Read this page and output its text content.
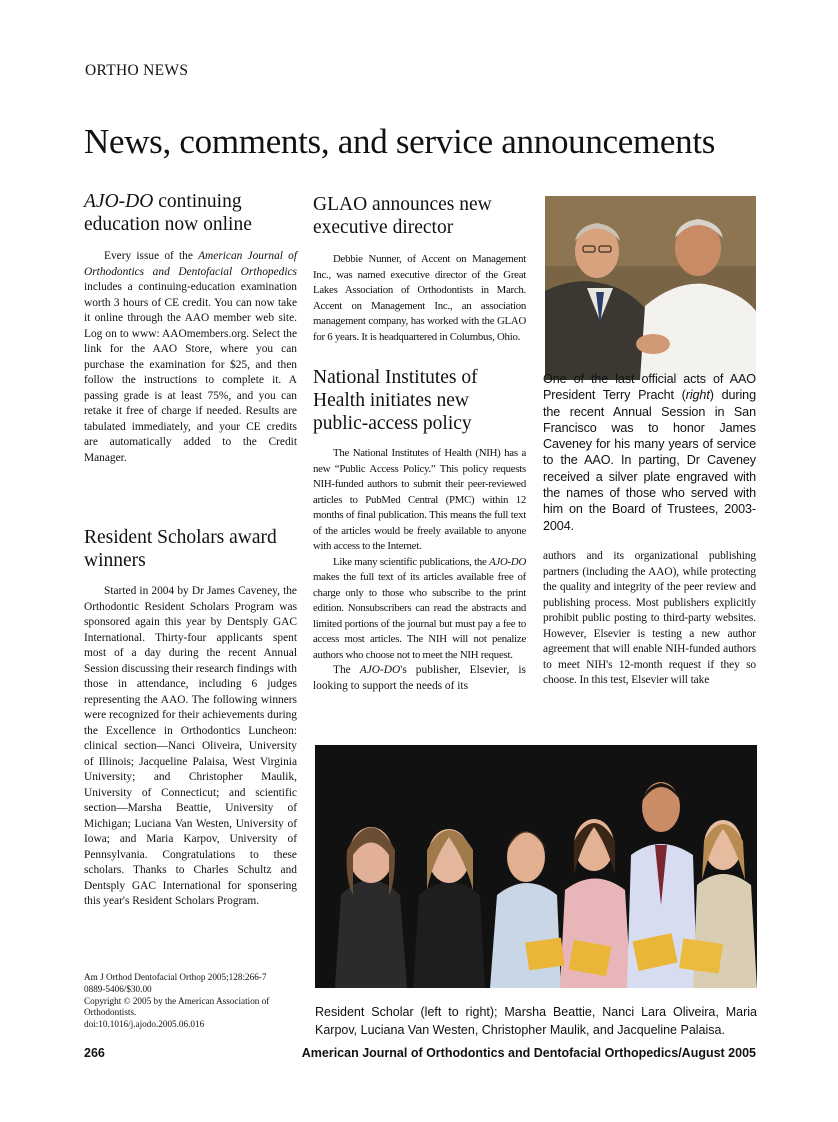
ORTHO NEWS
News, comments, and service announcements
AJO-DO continuing education now online

Every issue of the American Journal of Orthodontics and Dentofacial Orthopedics includes a continuing-education examination worth 3 hours of CE credit. You can now take it online through the AAO member web site. Log on to www: AAOmembers.org. Select the link for the AAO Store, where you can purchase the examination for $25, and then follow the instructions to complete it. A passing grade is at least 75%, and you can retake it free of charge if needed. Results are tabulated immediately, and your CE credits are automatically added to the Credit Manager.

Resident Scholars award winners

Started in 2004 by Dr James Caveney, the Orthodontic Resident Scholars Program was sponsored again this year by Dentsply GAC International. Thirty-four applicants spent most of a day during the recent Annual Session discussing their research findings with those in attendance, including 6 judges representing the AAO. The following winners were recognized for their achievements during the Excellence in Orthodontics Luncheon: clinical section—Nanci Oliveira, University of Illinois; Jacqueline Palaisa, West Virginia University; and Christopher Maulik, University of Connecticut; and scientific section—Marsha Beattie, University of Michigan; Luciana Van Westen, University of Iowa; and Maria Karpov, University of Pennsylvania. Congratulations to these scholars. Thanks to Charles Schultz and Dentsply GAC International for sponsering this year's Resident Scholars Program.

Am J Orthod Dentofacial Orthop 2005;128:266-7
0889-5406/$30.00
Copyright © 2005 by the American Association of Orthodontists.
doi:10.1016/j.ajodo.2005.06.016
GLAO announces new executive director

Debbie Nunner, of Accent on Management Inc., was named executive director of the Great Lakes Association of Orthodontists in March. Accent on Management Inc., an association management company, has worked with the GLAO for 6 years. It is headquartered in Columbus, Ohio.

National Institutes of Health initiates new public-access policy

The National Institutes of Health (NIH) has a new “Public Access Policy.” This policy requests NIH-funded authors to submit their peer-reviewed articles to PubMed Central (PMC) within 12 months of final publication. This means the full text of the articles would be freely available to anyone with access to the Internet.

Like many scientific publications, the AJO-DO makes the full text of its articles available free of charge only to those who subscribe to the print edition. Nonsubscribers can read the abstracts and limited portions of the journal but must pay a fee to access most articles. The NIH will not penalize authors who choose not to meet the NIH request.

The AJO-DO's publisher, Elsevier, is looking to support the needs of its

One of the last official acts of AAO President Terry Pracht (right) during the recent Annual Session in San Francisco was to honor James Caveney for his many years of service to the AAO. In parting, Dr Caveney received a silver plate engraved with the names of those who served with him on the Board of Trustees, 2003-2004.

authors and its organizational publishing partners (including the AAO), while protecting the quality and integrity of the peer review and publishing process. Most publishers explicitly prohibit public posting to third-party websites. However, Elsevier is testing a new author agreement that will enable NIH-funded authors to meet NIH's 12-month request if they so choose. In this test, Elsevier will take

Resident Scholar (left to right); Marsha Beattie, Nanci Lara Oliveira, Maria Karpov, Luciana Van Westen, Christopher Maulik, and Jacqueline Palaisa.
266	American Journal of Orthodontics and Dentofacial Orthopedics/August 2005
